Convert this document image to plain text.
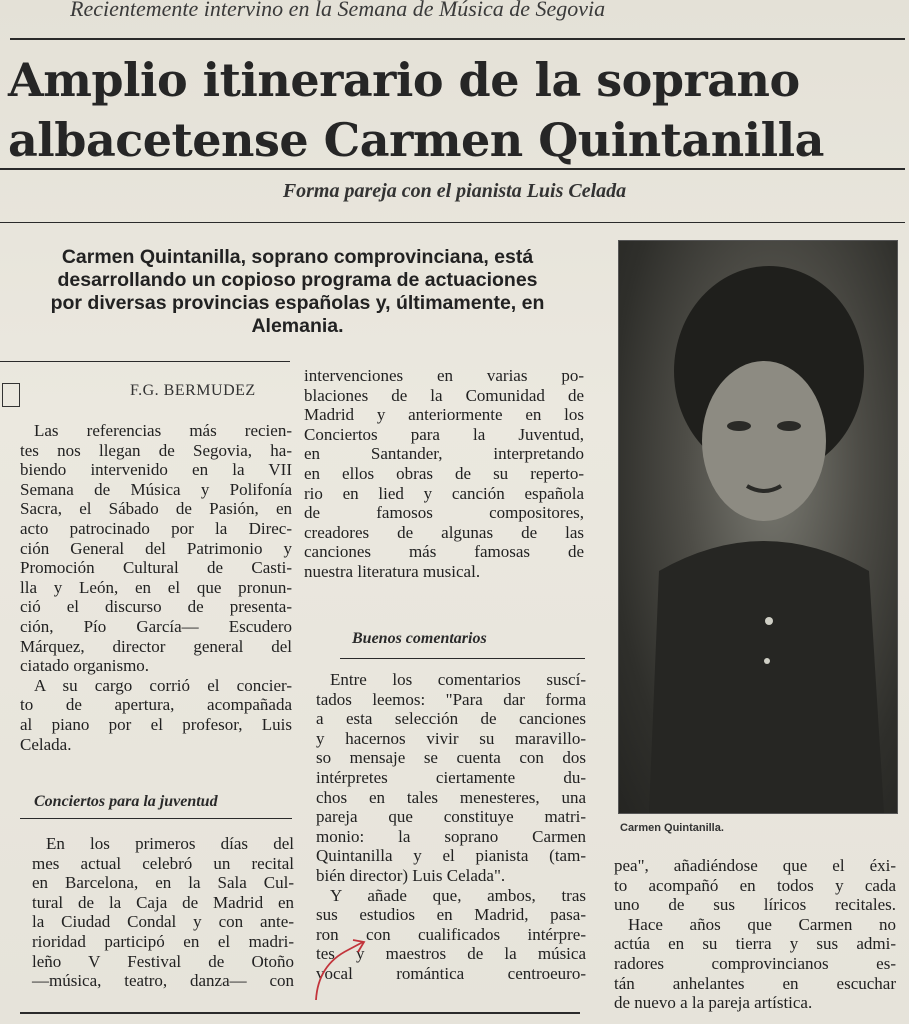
Recientemente intervino en la Semana de Música de Segovia
Amplio itinerario de la soprano
albacetense Carmen Quintanilla
Forma pareja con el pianista Luis Celada
Carmen Quintanilla, soprano comprovinciana, está
desarrollando un copioso programa de actuaciones
por diversas provincias españolas y, últimamente, en
Alemania.
F.G. BERMUDEZ
Las referencias más recien-
tes nos llegan de Segovia, ha-
biendo intervenido en la VII
Semana de Música y Polifonía
Sacra, el Sábado de Pasión, en
acto patrocinado por la Direc-
ción General del Patrimonio y
Promoción Cultural de Casti-
lla y León, en el que pronun-
ció el discurso de presenta-
ción, Pío García— Escudero
Márquez, director general del
ciatado organismo.
A su cargo corrió el concier-
to de apertura, acompañada
al piano por el profesor, Luis
Celada.
Conciertos para la juventud
En los primeros días del
mes actual celebró un recital
en Barcelona, en la Sala Cul-
tural de la Caja de Madrid en
la Ciudad Condal y con ante-
rioridad participó en el madri-
leño V Festival de Otoño
—música, teatro, danza— con
intervenciones en varias po-
blaciones de la Comunidad de
Madrid y anteriormente en los
Conciertos para la Juventud,
en Santander, interpretando
en ellos obras de su reperto-
rio en lied y canción española
de famosos compositores,
creadores de algunas de las
canciones más famosas de
nuestra literatura musical.
Buenos comentarios
Entre los comentarios suscí-
tados leemos: "Para dar forma
a esta selección de canciones
y hacernos vivir su maravillo-
so mensaje se cuenta con dos
intérpretes ciertamente du-
chos en tales menesteres, una
pareja que constituye matri-
monio: la soprano Carmen
Quintanilla y el pianista (tam-
bién director) Luis Celada".
Y añade que, ambos, tras
sus estudios en Madrid, pasa-
ron con cualificados intérpre-
tes y maestros de la música
vocal romántica centroeuro-
Carmen Quintanilla.
pea", añadiéndose que el éxi-
to acompañó en todos y cada
uno de sus líricos recitales.
Hace años que Carmen no
actúa en su tierra y sus admi-
radores comprovincianos es-
tán anhelantes en escuchar
de nuevo a la pareja artística.
